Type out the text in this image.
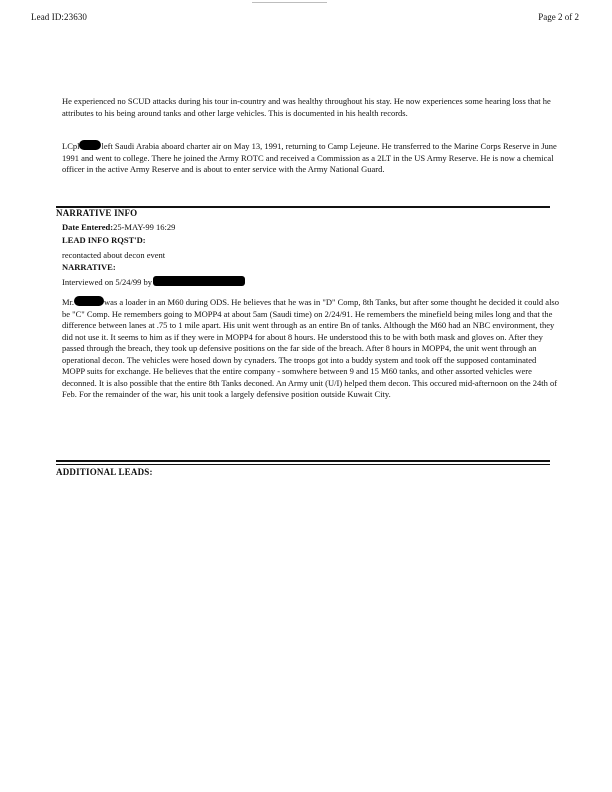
Lead ID:23630	Page 2 of 2

He experienced no SCUD attacks during his tour in-country and was healthy throughout his stay. He now experiences some hearing loss that he attributes to his being around tanks and other large vehicles. This is documented in his health records.

LCpl	left Saudi Arabia aboard charter air on May 13, 1991, returning to Camp Lejeune. He transferred to the Marine Corps Reserve in June 1991 and went to college. There he joined the Army ROTC and received a Commission as a 2LT in the US Army Reserve. He is now a chemical officer in the active Army Reserve and is about to enter service with the Army National Guard.

NARRATIVE INFO
Date Entered:25-MAY-99 16:29
LEAD INFO RQST'D:
recontacted about decon event
NARRATIVE:
Interviewed on 5/24/99 by

Mr.	was a loader in an M60 during ODS. He believes that he was in "D" Comp, 8th Tanks, but after some thought he decided it could also be "C" Comp. He remembers going to MOPP4 at about 5am (Saudi time) on 2/24/91. He remembers the minefield being miles long and that the difference between lanes at .75 to 1 mile apart. His unit went through as an entire Bn of tanks. Although the M60 had an NBC environment, they did not use it. It seems to him as if they were in MOPP4 for about 8 hours. He understood this to be with both mask and gloves on. After they passed through the breach, they took up defensive positions on the far side of the breach. After 8 hours in MOPP4, the unit went through an operational decon. The vehicles were hosed down by cynaders. The troops got into a buddy system and took off the supposed contaminated MOPP suits for exchange. He believes that the entire company - somwhere between 9 and 15 M60 tanks, and other assorted vehicles were deconned. It is also possible that the entire 8th Tanks deconed. An Army unit (U/I) helped them decon. This occured mid-afternoon on the 24th of Feb. For the remainder of the war, his unit took a largely defensive position outside Kuwait City.

ADDITIONAL LEADS:
